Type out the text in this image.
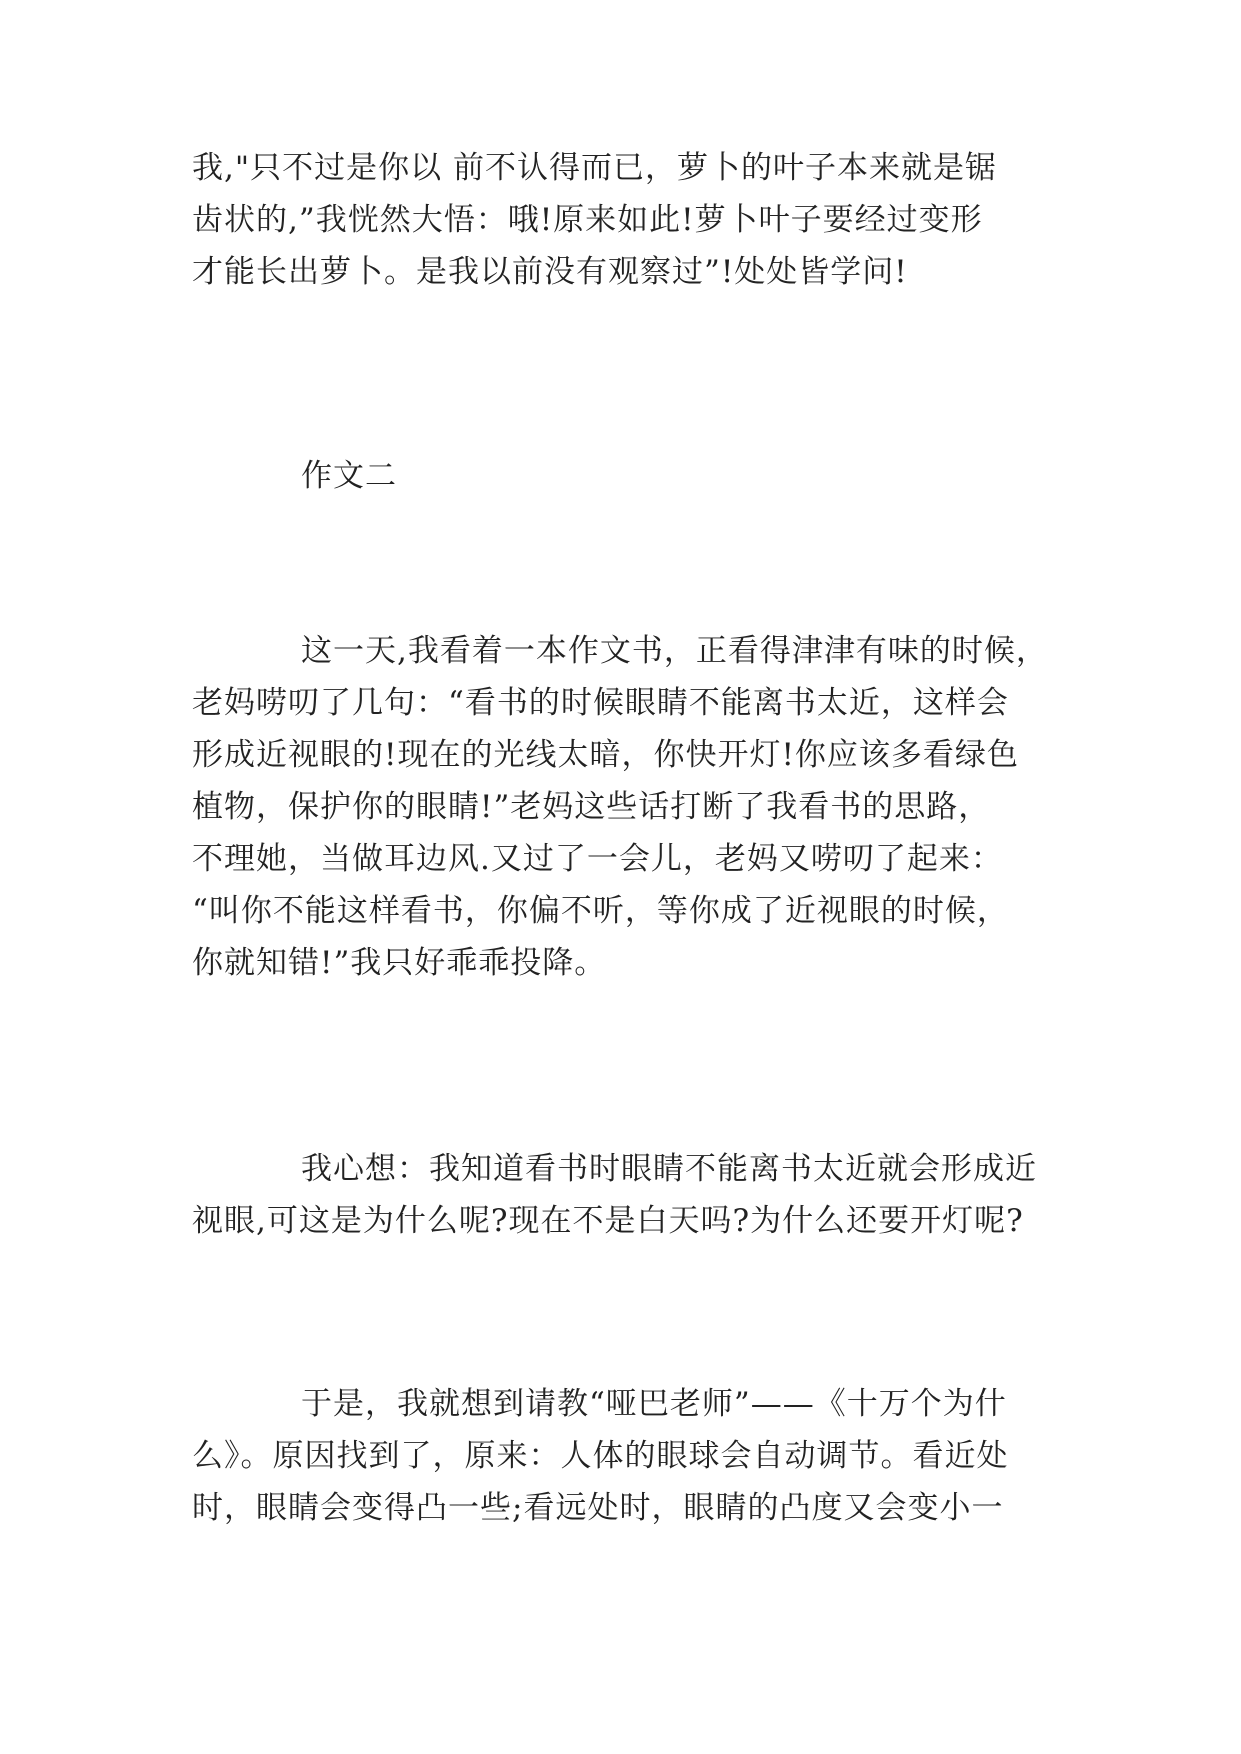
我,"只不过是你以 前不认得而已，萝卜的叶子本来就是锯

齿状的,”我恍然大悟：哦!原来如此!萝卜叶子要经过变形

才能长出萝卜。是我以前没有观察过”!处处皆学问!

作文二

这一天,我看着一本作文书，正看得津津有味的时候，

老妈唠叨了几句：“看书的时候眼睛不能离书太近，这样会

形成近视眼的!现在的光线太暗，你快开灯!你应该多看绿色

植物，保护你的眼睛!”老妈这些话打断了我看书的思路，

不理她，当做耳边风.又过了一会儿，老妈又唠叨了起来：

“叫你不能这样看书，你偏不听，等你成了近视眼的时候，

你就知错!”我只好乖乖投降。

我心想：我知道看书时眼睛不能离书太近就会形成近

视眼,可这是为什么呢?现在不是白天吗?为什么还要开灯呢?

于是，我就想到请教“哑巴老师”——《十万个为什

么》。原因找到了，原来：人体的眼球会自动调节。看近处

时，眼睛会变得凸一些;看远处时，眼睛的凸度又会变小一
